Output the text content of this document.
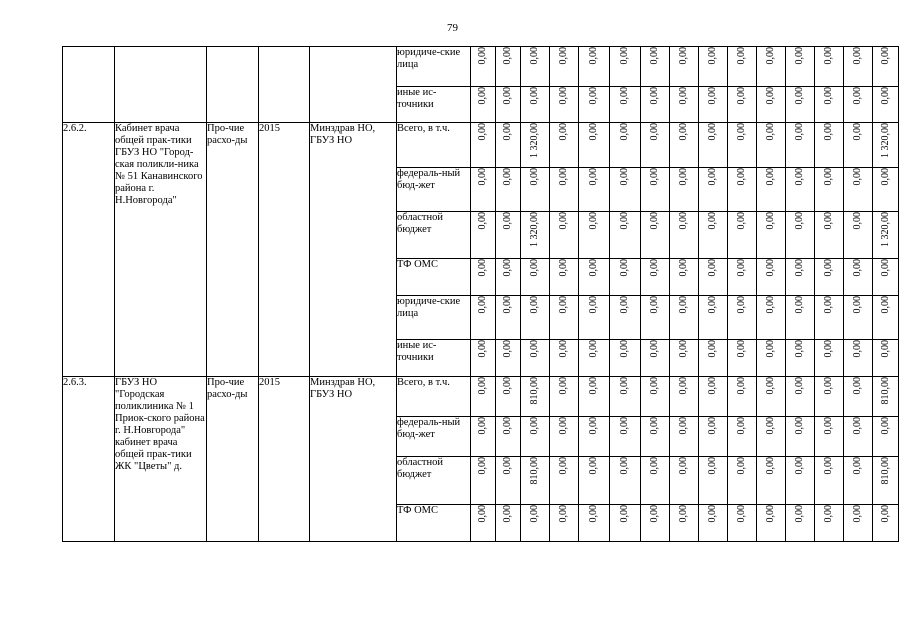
79
					юридиче-ские лица	0,00	0,00	0,00	0,00	0,00	0,00	0,00	0,00	0,00	0,00	0,00	0,00	0,00	0,00	0,00

					иные ис-точники	0,00	0,00	0,00	0,00	0,00	0,00	0,00	0,00	0,00	0,00	0,00	0,00	0,00	0,00	0,00

2.6.2.	Кабинет врача общей прак-тики ГБУЗ НО "Город-ская поликли-ника № 51 Канавинского района г. Н.Новгорода"	Про-чие расхо-ды	2015	Минздрав НО, ГБУЗ НО	Всего, в т.ч.	0,00	0,00	1 320,00	0,00	0,00	0,00	0,00	0,00	0,00	0,00	0,00	0,00	0,00	0,00	1 320,00

					федераль-ный бюд-жет	0,00	0,00	0,00	0,00	0,00	0,00	0,00	0,00	0,00	0,00	0,00	0,00	0,00	0,00	0,00

					областной бюджет	0,00	0,00	1 320,00	0,00	0,00	0,00	0,00	0,00	0,00	0,00	0,00	0,00	0,00	0,00	1 320,00

					ТФ ОМС	0,00	0,00	0,00	0,00	0,00	0,00	0,00	0,00	0,00	0,00	0,00	0,00	0,00	0,00	0,00

					юридиче-ские лица	0,00	0,00	0,00	0,00	0,00	0,00	0,00	0,00	0,00	0,00	0,00	0,00	0,00	0,00	0,00

					иные ис-точники	0,00	0,00	0,00	0,00	0,00	0,00	0,00	0,00	0,00	0,00	0,00	0,00	0,00	0,00	0,00

2.6.3.	ГБУЗ НО "Городская поликлиника № 1 Приок-ского района г. Н.Новгорода" кабинет врача общей прак-тики ЖК "Цветы" д.	Про-чие расхо-ды	2015	Минздрав НО, ГБУЗ НО	Всего, в т.ч.	0,00	0,00	810,00	0,00	0,00	0,00	0,00	0,00	0,00	0,00	0,00	0,00	0,00	0,00	810,00

					федераль-ный бюд-жет	0,00	0,00	0,00	0,00	0,00	0,00	0,00	0,00	0,00	0,00	0,00	0,00	0,00	0,00	0,00

					областной бюджет	0,00	0,00	810,00	0,00	0,00	0,00	0,00	0,00	0,00	0,00	0,00	0,00	0,00	0,00	810,00

					ТФ ОМС	0,00	0,00	0,00	0,00	0,00	0,00	0,00	0,00	0,00	0,00	0,00	0,00	0,00	0,00	0,00
